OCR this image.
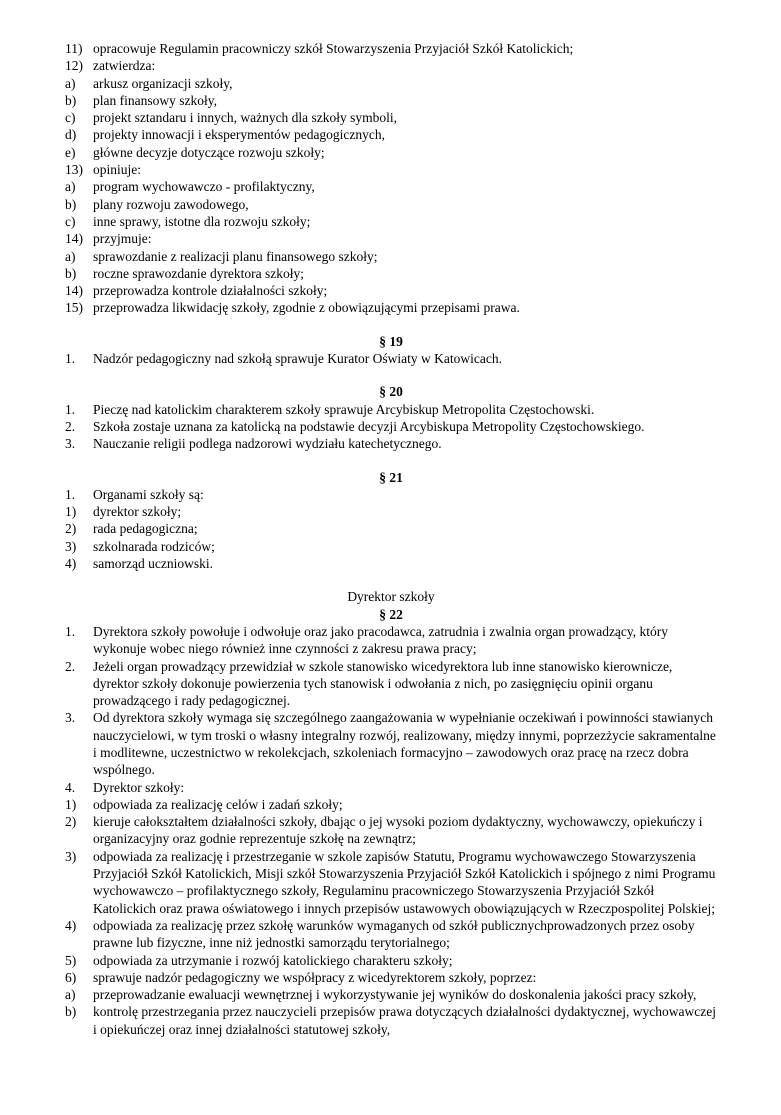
11) opracowuje Regulamin pracowniczy szkół Stowarzyszenia Przyjaciół Szkół Katolickich;
12) zatwierdza:
a)	arkusz organizacji szkoły,
b)	plan finansowy szkoły,
c)	projekt sztandaru i innych, ważnych dla szkoły symboli,
d)	projekty innowacji i eksperymentów pedagogicznych,
e)	główne decyzje dotyczące rozwoju szkoły;
13) opiniuje:
a)	program wychowawczo - profilaktyczny,
b)	plany rozwoju zawodowego,
c)	inne sprawy, istotne dla rozwoju szkoły;
14) przyjmuje:
a)	sprawozdanie z realizacji planu finansowego szkoły;
b)	roczne sprawozdanie dyrektora szkoły;
14) przeprowadza kontrole działalności szkoły;
15) przeprowadza likwidację szkoły, zgodnie z obowiązującymi przepisami prawa.
§ 19
1.	Nadzór pedagogiczny nad szkołą sprawuje Kurator Oświaty w Katowicach.
§ 20
1.	Pieczę nad katolickim charakterem szkoły sprawuje Arcybiskup Metropolita Częstochowski.
2.	Szkoła zostaje uznana za katolicką na podstawie decyzji Arcybiskupa Metropolity Częstochowskiego.
3.	Nauczanie religii podlega nadzorowi wydziału katechetycznego.
§ 21
1.	Organami szkoły są:
1)	dyrektor szkoły;
2)	rada pedagogiczna;
3)	szkolnarada rodziców;
4)	samorząd uczniowski.
Dyrektor szkoły
§ 22
1.	Dyrektora szkoły powołuje i odwołuje oraz jako pracodawca, zatrudnia i zwalnia organ prowadzący, który wykonuje wobec niego również inne czynności z zakresu prawa pracy;
2.	Jeżeli organ prowadzący przewidział w szkole stanowisko wicedyrektora lub inne stanowisko kierownicze, dyrektor szkoły dokonuje powierzenia tych stanowisk i odwołania z nich, po zasięgnięciu opinii organu prowadzącego i rady pedagogicznej.
3.	Od dyrektora szkoły wymaga się szczególnego zaangażowania w wypełnianie oczekiwań i powinności stawianych nauczycielowi, w tym troski o własny integralny rozwój, realizowany, między innymi, poprzezżycie sakramentalne i modlitewne, uczestnictwo w rekolekcjach, szkoleniach formacyjno – zawodowych oraz pracę na rzecz dobra wspólnego.
4.	Dyrektor szkoły:
1)	odpowiada za realizację celów i zadań szkoły;
2)	kieruje całokształtem działalności szkoły, dbając o jej wysoki poziom dydaktyczny, wychowawczy, opiekuńczy i organizacyjny oraz godnie reprezentuje szkołę na zewnątrz;
3)	odpowiada za realizację i przestrzeganie w szkole zapisów Statutu, Programu wychowawczego Stowarzyszenia Przyjaciół Szkół Katolickich, Misji szkół Stowarzyszenia Przyjaciół Szkół Katolickich i spójnego z nimi Programu wychowawczo – profilaktycznego szkoły, Regulaminu pracowniczego Stowarzyszenia Przyjaciół Szkół Katolickich oraz prawa oświatowego i innych przepisów ustawowych obowiązujących w Rzeczpospolitej Polskiej;
4)	odpowiada za realizację przez szkołę warunków wymaganych od szkół publicznychprowadzonych przez osoby prawne lub fizyczne, inne niż jednostki samorządu terytorialnego;
5)	odpowiada za utrzymanie i rozwój katolickiego charakteru szkoły;
6)	sprawuje nadzór pedagogiczny we współpracy z wicedyrektorem szkoły, poprzez:
a)	przeprowadzanie ewaluacji wewnętrznej i wykorzystywanie jej wyników do doskonalenia jakości pracy szkoły,
b)	kontrolę przestrzegania przez nauczycieli przepisów prawa dotyczących działalności dydaktycznej, wychowawczej i opiekuńczej oraz innej działalności statutowej szkoły,
